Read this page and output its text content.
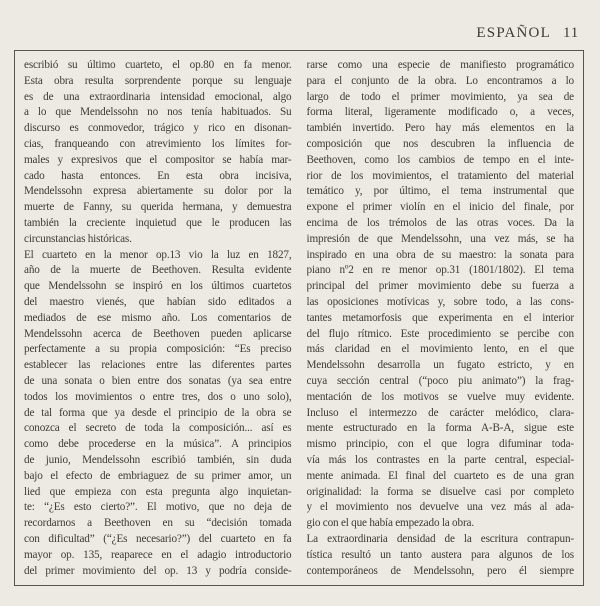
ESPAÑOL 11
escribió su último cuarteto, el op.80 en fa menor.
Esta obra resulta sorprendente porque su lenguaje
es de una extraordinaria intensidad emocional, algo
a lo que Mendelssohn no nos tenía habituados. Su
discurso es conmovedor, trágico y rico en disonan-
cias, franqueando con atrevimiento los límites for-
males y expresivos que el compositor se había mar-
cado hasta entonces. En esta obra incisiva,
Mendelssohn expresa abiertamente su dolor por la
muerte de Fanny, su querida hermana, y demuestra
también la creciente inquietud que le producen las
circunstancias históricas.
El cuarteto en la menor op.13 vio la luz en 1827,
año de la muerte de Beethoven. Resulta evidente
que Mendelssohn se inspiró en los últimos cuartetos
del maestro vienés, que habían sido editados a
mediados de ese mismo año. Los comentarios de
Mendelssohn acerca de Beethoven pueden aplicarse
perfectamente a su propia composición: “Es preciso
establecer las relaciones entre las diferentes partes
de una sonata o bien entre dos sonatas (ya sea entre
todos los movimientos o entre tres, dos o uno solo),
de tal forma que ya desde el principio de la obra se
conozca el secreto de toda la composición... así es
como debe procederse en la música”. A principios
de junio, Mendelssohn escribió también, sin duda
bajo el efecto de embriaguez de su primer amor, un
lied que empieza con esta pregunta algo inquietan-
te: “¿Es esto cierto?”. El motivo, que no deja de
recordarnos a Beethoven en su “decisión tomada
con dificultad” (“¿Es necesario?”) del cuarteto en fa
mayor op. 135, reaparece en el adagio introductorio
del primer movimiento del op. 13 y podría conside-
rarse como una especie de manifiesto programático
para el conjunto de la obra. Lo encontramos a lo
largo de todo el primer movimiento, ya sea de
forma literal, ligeramente modificado o, a veces,
también invertido. Pero hay más elementos en la
composición que nos descubren la influencia de
Beethoven, como los cambios de tempo en el inte-
rior de los movimientos, el tratamiento del material
temático y, por último, el tema instrumental que
expone el primer violín en el inicio del finale, por
encima de los trémolos de las otras voces. Da la
impresión de que Mendelssohn, una vez más, se ha
inspirado en una obra de su maestro: la sonata para
piano nº2 en re menor op.31 (1801/1802). El tema
principal del primer movimiento debe su fuerza a
las oposiciones motívicas y, sobre todo, a las cons-
tantes metamorfosis que experimenta en el interior
del flujo rítmico. Este procedimiento se percibe con
más claridad en el movimiento lento, en el que
Mendelssohn desarrolla un fugato estricto, y en
cuya sección central (“poco piu animato”) la frag-
mentación de los motivos se vuelve muy evidente.
Incluso el intermezzo de carácter melódico, clara-
mente estructurado en la forma A-B-A, sigue este
mismo principio, con el que logra difuminar toda-
vía más los contrastes en la parte central, especial-
mente animada. El final del cuarteto es de una gran
originalidad: la forma se disuelve casi por completo
y el movimiento nos devuelve una vez más al ada-
gio con el que había empezado la obra.
La extraordinaria densidad de la escritura contrapun-
tística resultó un tanto austera para algunos de los
contemporáneos de Mendelssohn, pero él siempre
